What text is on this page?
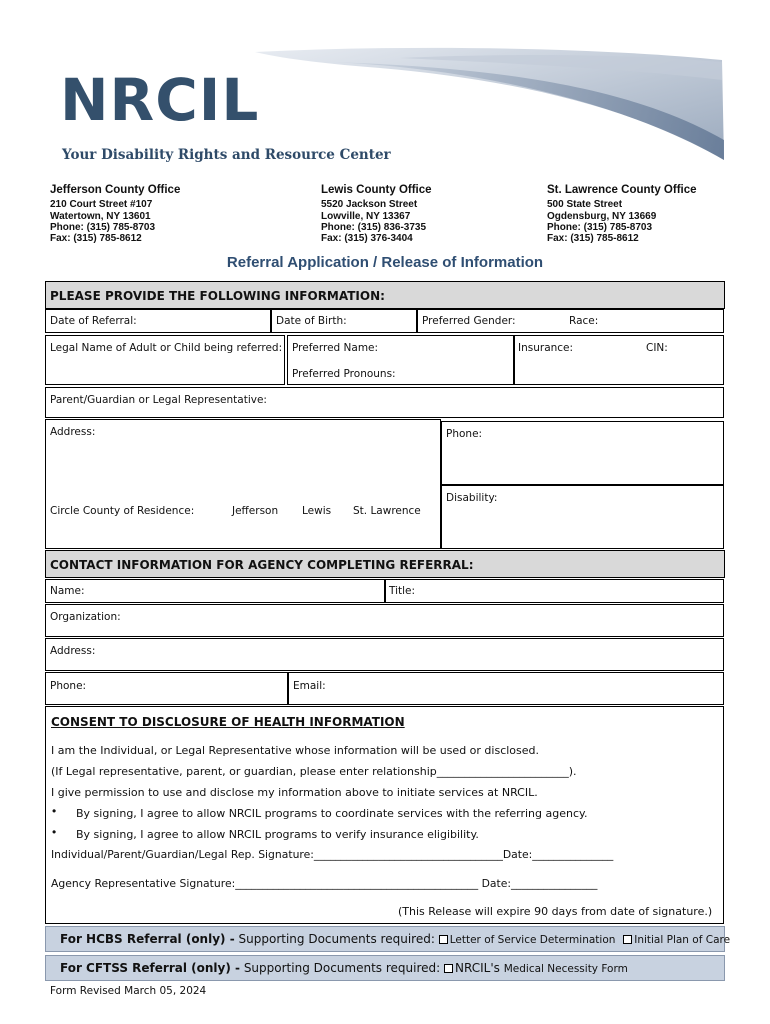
NRCIL
Your Disability Rights and Resource Center
Jefferson County Office
210 Court Street #107
Watertown, NY 13601
Phone: (315) 785-8703
Fax: (315) 785-8612
Lewis County Office
5520 Jackson Street
Lowville, NY 13367
Phone: (315) 836-3735
Fax: (315) 376-3404
St. Lawrence County Office
500 State Street
Ogdensburg, NY 13669
Phone: (315) 785-8703
Fax: (315) 785-8612
Referral Application / Release of Information
PLEASE PROVIDE THE FOLLOWING INFORMATION:
Date of Referral:	Date of Birth:	Preferred Gender:	Race:
Legal Name of Adult or Child being referred: Preferred Name:
Preferred Pronouns:
Insurance:	CIN:
Parent/Guardian or Legal Representative:
Address:
Circle County of Residence:	Jefferson Lewis St. Lawrence
Phone:
Disability:
CONTACT INFORMATION FOR AGENCY COMPLETING REFERRAL:
Name:	Title:
Organization:
Address:
Phone:	Email:
CONSENT TO DISCLOSURE OF HEALTH INFORMATION
I am the Individual, or Legal Representative whose information will be used or disclosed.
(If Legal representative, parent, or guardian, please enter relationship________________________).
I give permission to use and disclose my information above to initiate services at NRCIL.
• By signing, I agree to allow NRCIL programs to coordinate services with the referring agency.
• By signing, I agree to allow NRCIL programs to verify insurance eligibility.
Individual/Parent/Guardian/Legal Rep. Signature:___________________________________Date:_______________
Agency Representative Signature:_____________________________________________ Date:________________
(This Release will expire 90 days from date of signature.)
For HCBS Referral (only) - Supporting Documents required: Letter of Service Determination Initial Plan of Care
For CFTSS Referral (only) - Supporting Documents required: NRCIL's Medical Necessity Form
Form Revised March 05, 2024
